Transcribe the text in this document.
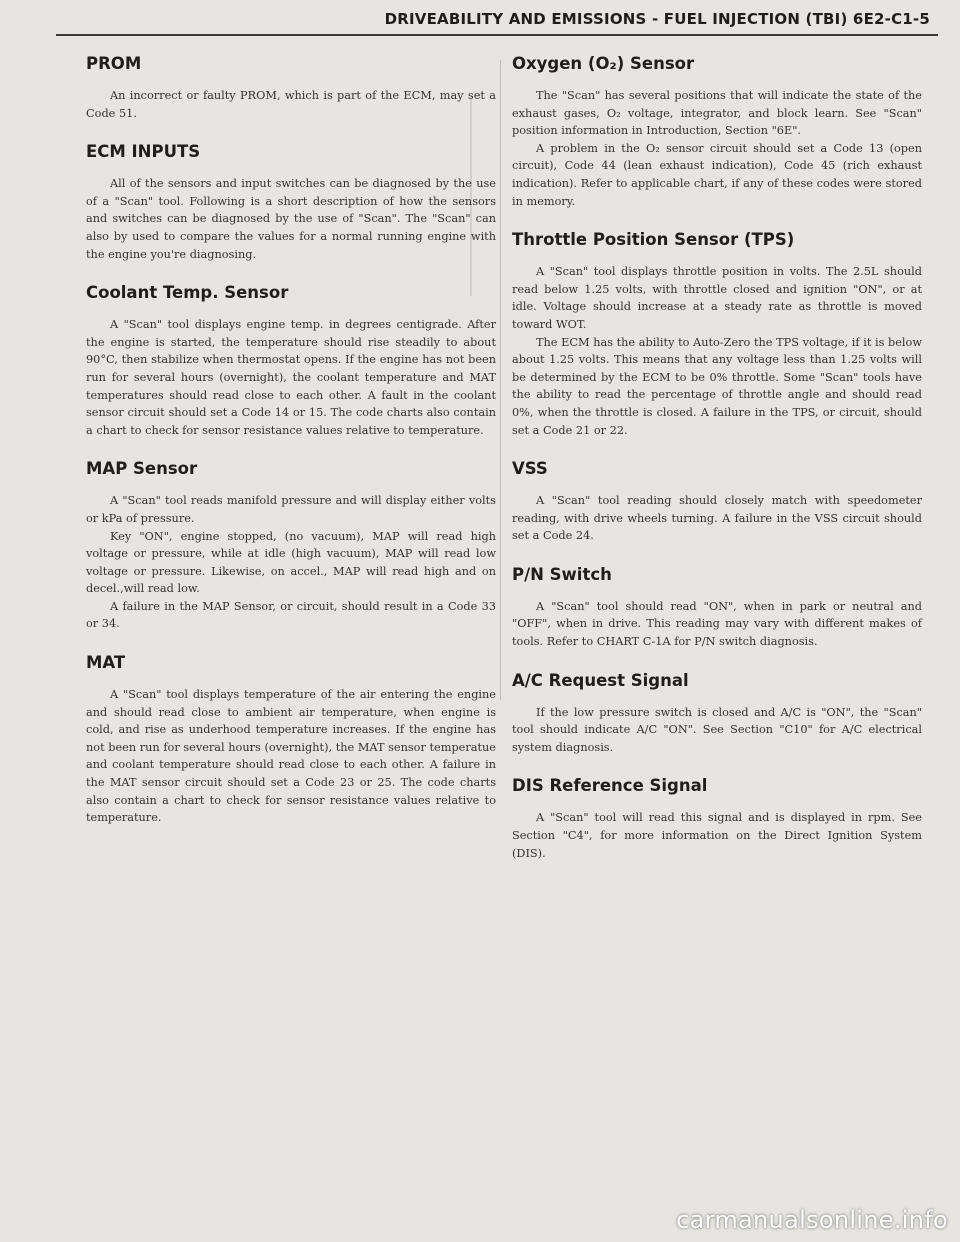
DRIVEABILITY AND EMISSIONS - FUEL INJECTION (TBI) 6E2-C1-5
PROM

An incorrect or faulty PROM, which is part of the ECM, may set a Code 51.

ECM INPUTS

All of the sensors and input switches can be diagnosed by the use of a "Scan" tool. Following is a short description of how the sensors and switches can be diagnosed by the use of "Scan". The "Scan" can also by used to compare the values for a normal running engine with the engine you're diagnosing.

Coolant Temp. Sensor

A "Scan" tool displays engine temp. in degrees centigrade. After the engine is started, the temperature should rise steadily to about 90°C, then stabilize when thermostat opens. If the engine has not been run for several hours (overnight), the coolant temperature and MAT temperatures should read close to each other. A fault in the coolant sensor circuit should set a Code 14 or 15. The code charts also contain a chart to check for sensor resistance values relative to temperature.

MAP Sensor

A "Scan" tool reads manifold pressure and will display either volts or kPa of pressure.

Key "ON", engine stopped, (no vacuum), MAP will read high voltage or pressure, while at idle (high vacuum), MAP will read low voltage or pressure. Likewise, on accel., MAP will read high and on decel.,will read low.

A failure in the MAP Sensor, or circuit, should result in a Code 33 or 34.

MAT

A "Scan" tool displays temperature of the air entering the engine and should read close to ambient air temperature, when engine is cold, and rise as underhood temperature increases. If the engine has not been run for several hours (overnight), the MAT sensor temperatue and coolant temperature should read close to each other. A failure in the MAT sensor circuit should set a Code 23 or 25. The code charts also contain a chart to check for sensor resistance values relative to temperature.

Oxygen (O₂) Sensor

The "Scan" has several positions that will indicate the state of the exhaust gases, O₂ voltage, integrator, and block learn. See "Scan" position information in Introduction, Section "6E".

A problem in the O₂ sensor circuit should set a Code 13 (open circuit), Code 44 (lean exhaust indication), Code 45 (rich exhaust indication). Refer to applicable chart, if any of these codes were stored in memory.

Throttle Position Sensor (TPS)

A "Scan" tool displays throttle position in volts. The 2.5L should read below 1.25 volts, with throttle closed and ignition "ON", or at idle. Voltage should increase at a steady rate as throttle is moved toward WOT.

The ECM has the ability to Auto-Zero the TPS voltage, if it is below about 1.25 volts. This means that any voltage less than 1.25 volts will be determined by the ECM to be 0% throttle. Some "Scan" tools have the ability to read the percentage of throttle angle and should read 0%, when the throttle is closed. A failure in the TPS, or circuit, should set a Code 21 or 22.

VSS

A "Scan" tool reading should closely match with speedometer reading, with drive wheels turning. A failure in the VSS circuit should set a Code 24.

P/N Switch

A "Scan" tool should read "ON", when in park or neutral and "OFF", when in drive. This reading may vary with different makes of tools. Refer to CHART C-1A for P/N switch diagnosis.

A/C Request Signal

If the low pressure switch is closed and A/C is "ON", the "Scan" tool should indicate A/C "ON". See Section "C10" for A/C electrical system diagnosis.

DIS Reference Signal

A "Scan" tool will read this signal and is displayed in rpm. See Section "C4", for more information on the Direct Ignition System (DIS).

carmanualsonline.info
